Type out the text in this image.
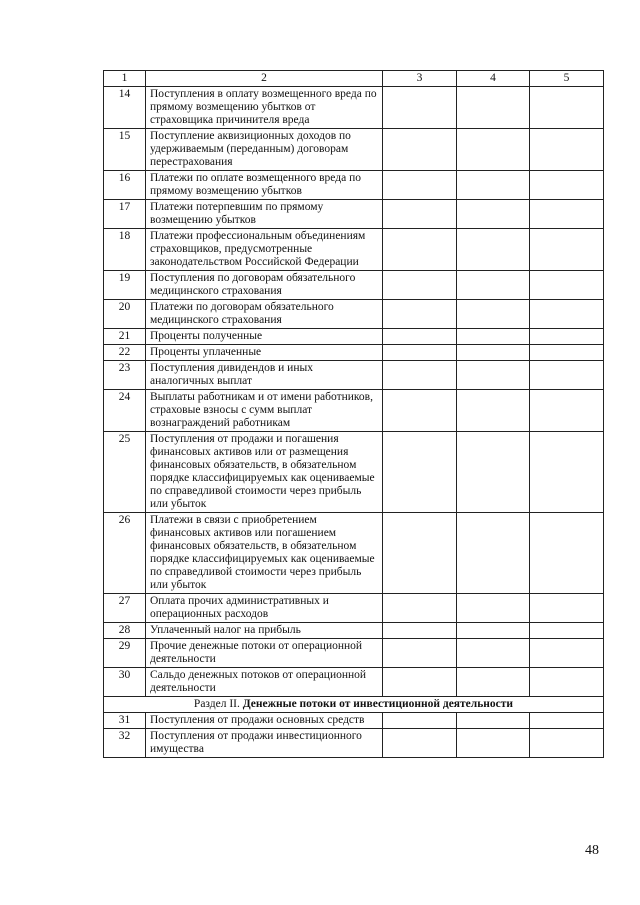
1	2	3	4	5
14	Поступления в оплату возмещенного вреда по прямому возмещению убытков от страховщика причинителя вреда			
15	Поступление аквизиционных доходов по удерживаемым (переданным) договорам перестрахования			
16	Платежи по оплате возмещенного вреда по прямому возмещению убытков			
17	Платежи потерпевшим по прямому возмещению убытков			
18	Платежи профессиональным объединениям страховщиков, предусмотренные законодательством Российской Федерации			
19	Поступления по договорам обязательного медицинского страхования			
20	Платежи по договорам обязательного медицинского страхования			
21	Проценты полученные			
22	Проценты уплаченные			
23	Поступления дивидендов и иных аналогичных выплат			
24	Выплаты работникам и от имени работников, страховые взносы с сумм выплат вознаграждений работникам			
25	Поступления от продажи и погашения финансовых активов или от размещения финансовых обязательств, в обязательном порядке классифицируемых как оцениваемые по справедливой стоимости через прибыль или убыток			
26	Платежи в связи с приобретением финансовых активов или погашением финансовых обязательств, в обязательном порядке классифицируемых как оцениваемые по справедливой стоимости через прибыль или убыток			
27	Оплата прочих административных и операционных расходов			
28	Уплаченный налог на прибыль			
29	Прочие денежные потоки от операционной деятельности			
30	Сальдо денежных потоков от операционной деятельности			
Раздел II. Денежные потоки от инвестиционной деятельности				
31	Поступления от продажи основных средств			
32	Поступления от продажи инвестиционного имущества			
48
